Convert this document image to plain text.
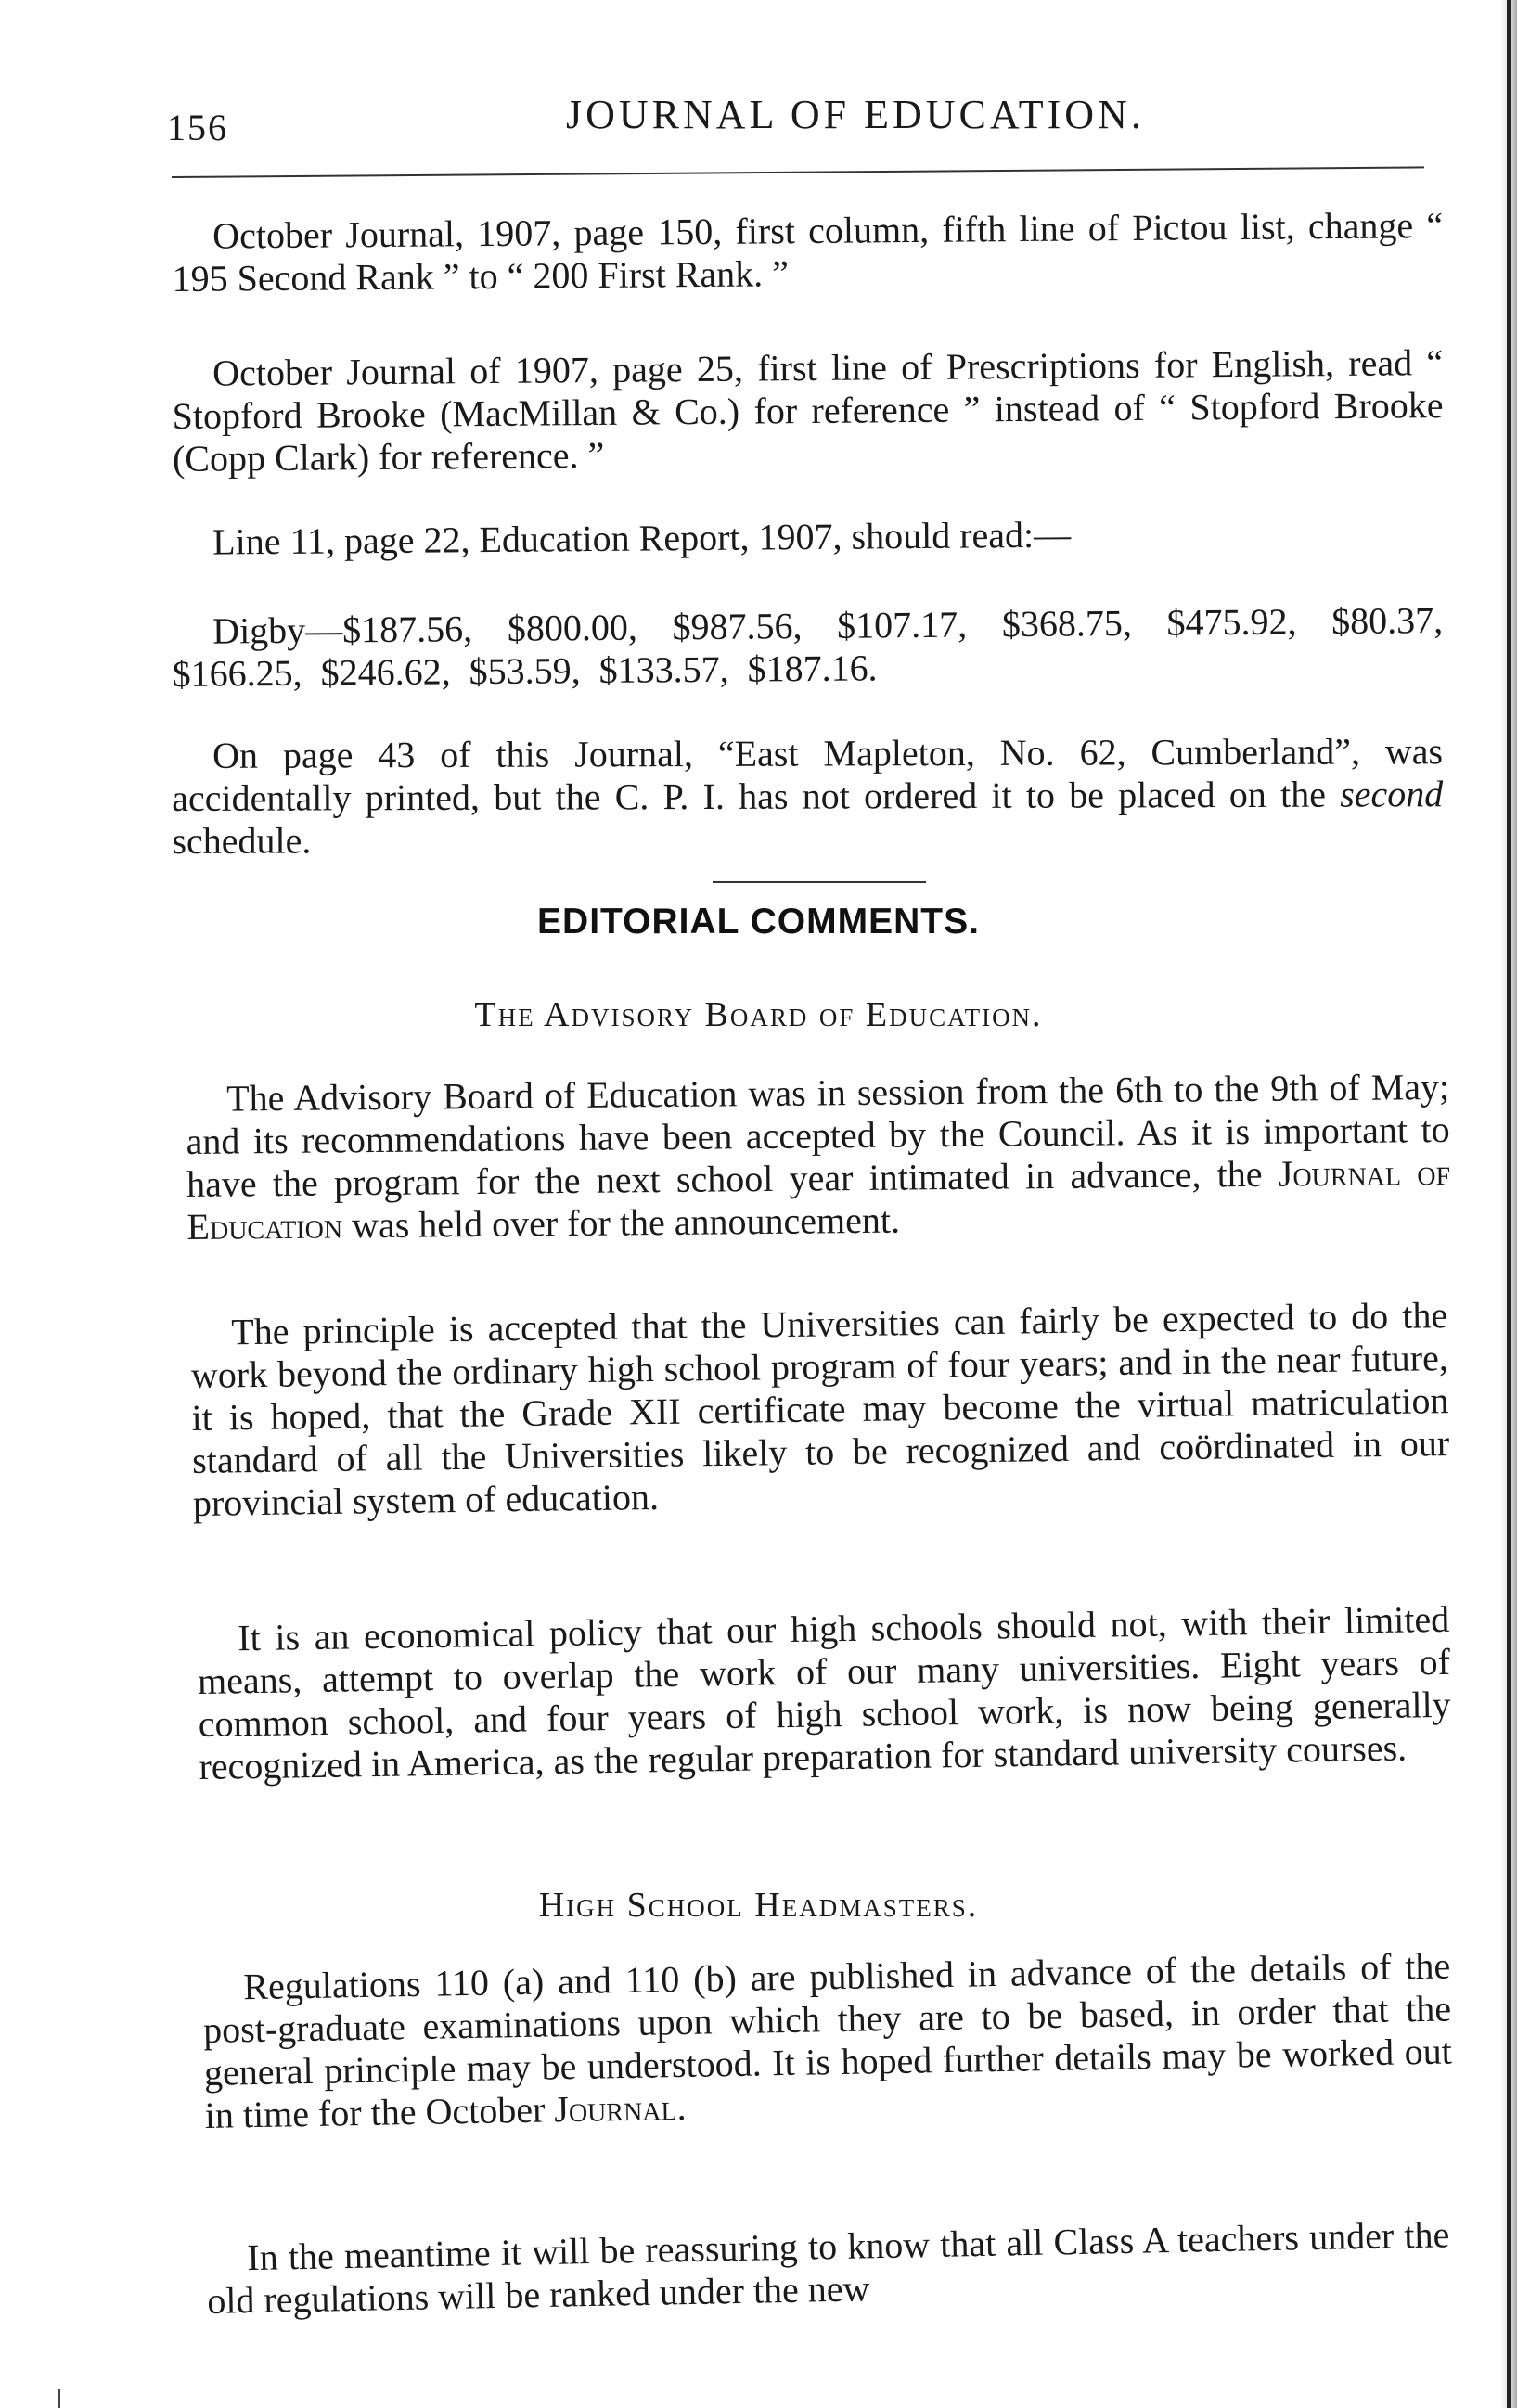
156	JOURNAL OF EDUCATION.

October Journal, 1907, page 150, first column, fifth line of Pictou list, change “ 195 Second Rank ” to “ 200 First Rank. ”

October Journal of 1907, page 25, first line of Prescriptions for English, read “ Stopford Brooke (MacMillan & Co.) for reference ” instead of “ Stopford Brooke (Copp Clark) for reference. ”

Line 11, page 22, Education Report, 1907, should read:—

Digby—$187.56, $800.00, $987.56, $107.17, $368.75, $475.92, $80.37, $166.25, $246.62, $53.59, $133.57, $187.16.

On page 43 of this Journal, “East Mapleton, No. 62, Cumberland”, was accidentally printed, but the C. P. I. has not ordered it to be placed on the second schedule.

EDITORIAL COMMENTS.
The Advisory Board of Education.

The Advisory Board of Education was in session from the 6th to the 9th of May; and its recommendations have been accepted by the Council. As it is important to have the program for the next school year intimated in advance, the Journal of Education was held over for the announcement.

The principle is accepted that the Universities can fairly be expected to do the work beyond the ordinary high school program of four years; and in the near future, it is hoped, that the Grade XII certificate may become the virtual matriculation standard of all the Universities likely to be recognized and coördinated in our provincial system of education.

It is an economical policy that our high schools should not, with their limited means, attempt to overlap the work of our many universities. Eight years of common school, and four years of high school work, is now being generally recognized in America, as the regular preparation for standard university courses.

High School Headmasters.

Regulations 110 (a) and 110 (b) are published in advance of the details of the post-graduate examinations upon which they are to be based, in order that the general principle may be understood. It is hoped further details may be worked out in time for the October Journal.

In the meantime it will be reassuring to know that all Class A teachers under the old regulations will be ranked under the new
